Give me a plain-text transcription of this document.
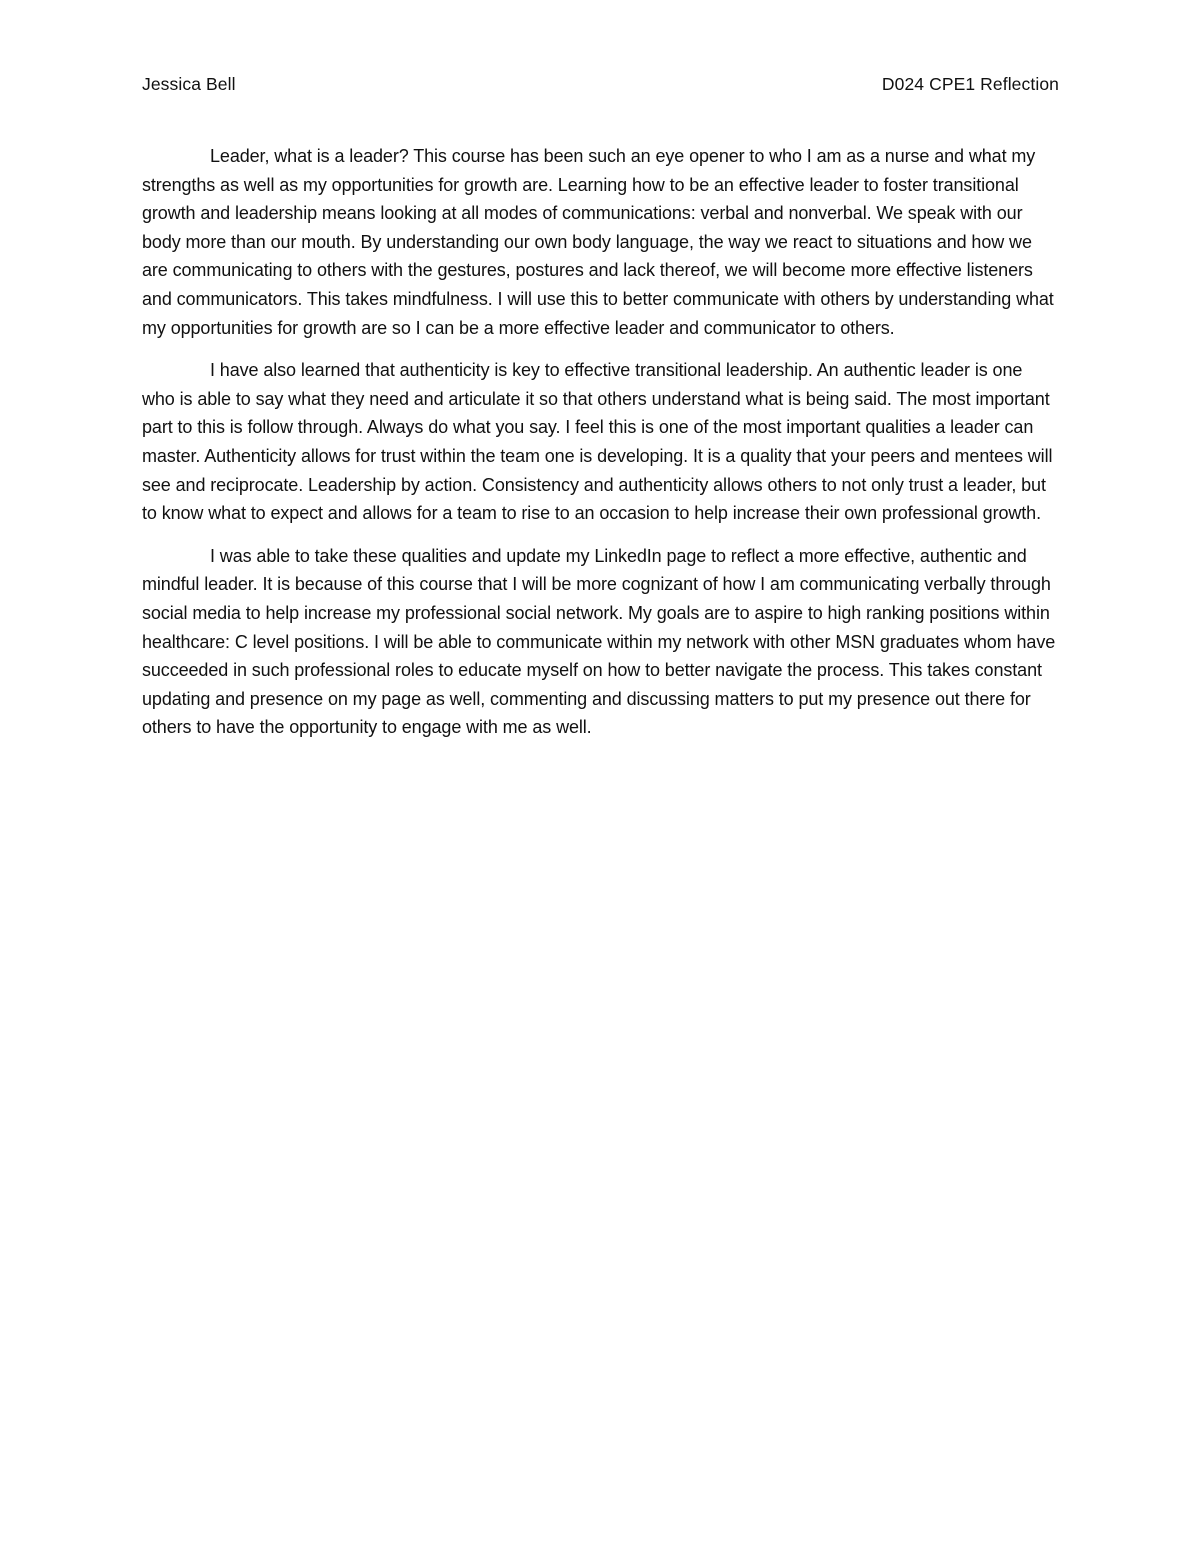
Jessica Bell	D024 CPE1 Reflection

Leader, what is a leader? This course has been such an eye opener to who I am as a nurse and what my strengths as well as my opportunities for growth are. Learning how to be an effective leader to foster transitional growth and leadership means looking at all modes of communications: verbal and nonverbal. We speak with our body more than our mouth. By understanding our own body language, the way we react to situations and how we are communicating to others with the gestures, postures and lack thereof, we will become more effective listeners and communicators. This takes mindfulness. I will use this to better communicate with others by understanding what my opportunities for growth are so I can be a more effective leader and communicator to others.

I have also learned that authenticity is key to effective transitional leadership. An authentic leader is one who is able to say what they need and articulate it so that others understand what is being said. The most important part to this is follow through. Always do what you say. I feel this is one of the most important qualities a leader can master. Authenticity allows for trust within the team one is developing. It is a quality that your peers and mentees will see and reciprocate. Leadership by action. Consistency and authenticity allows others to not only trust a leader, but to know what to expect and allows for a team to rise to an occasion to help increase their own professional growth.

I was able to take these qualities and update my LinkedIn page to reflect a more effective, authentic and mindful leader. It is because of this course that I will be more cognizant of how I am communicating verbally through social media to help increase my professional social network. My goals are to aspire to high ranking positions within healthcare: C level positions. I will be able to communicate within my network with other MSN graduates whom have succeeded in such professional roles to educate myself on how to better navigate the process. This takes constant updating and presence on my page as well, commenting and discussing matters to put my presence out there for others to have the opportunity to engage with me as well.
